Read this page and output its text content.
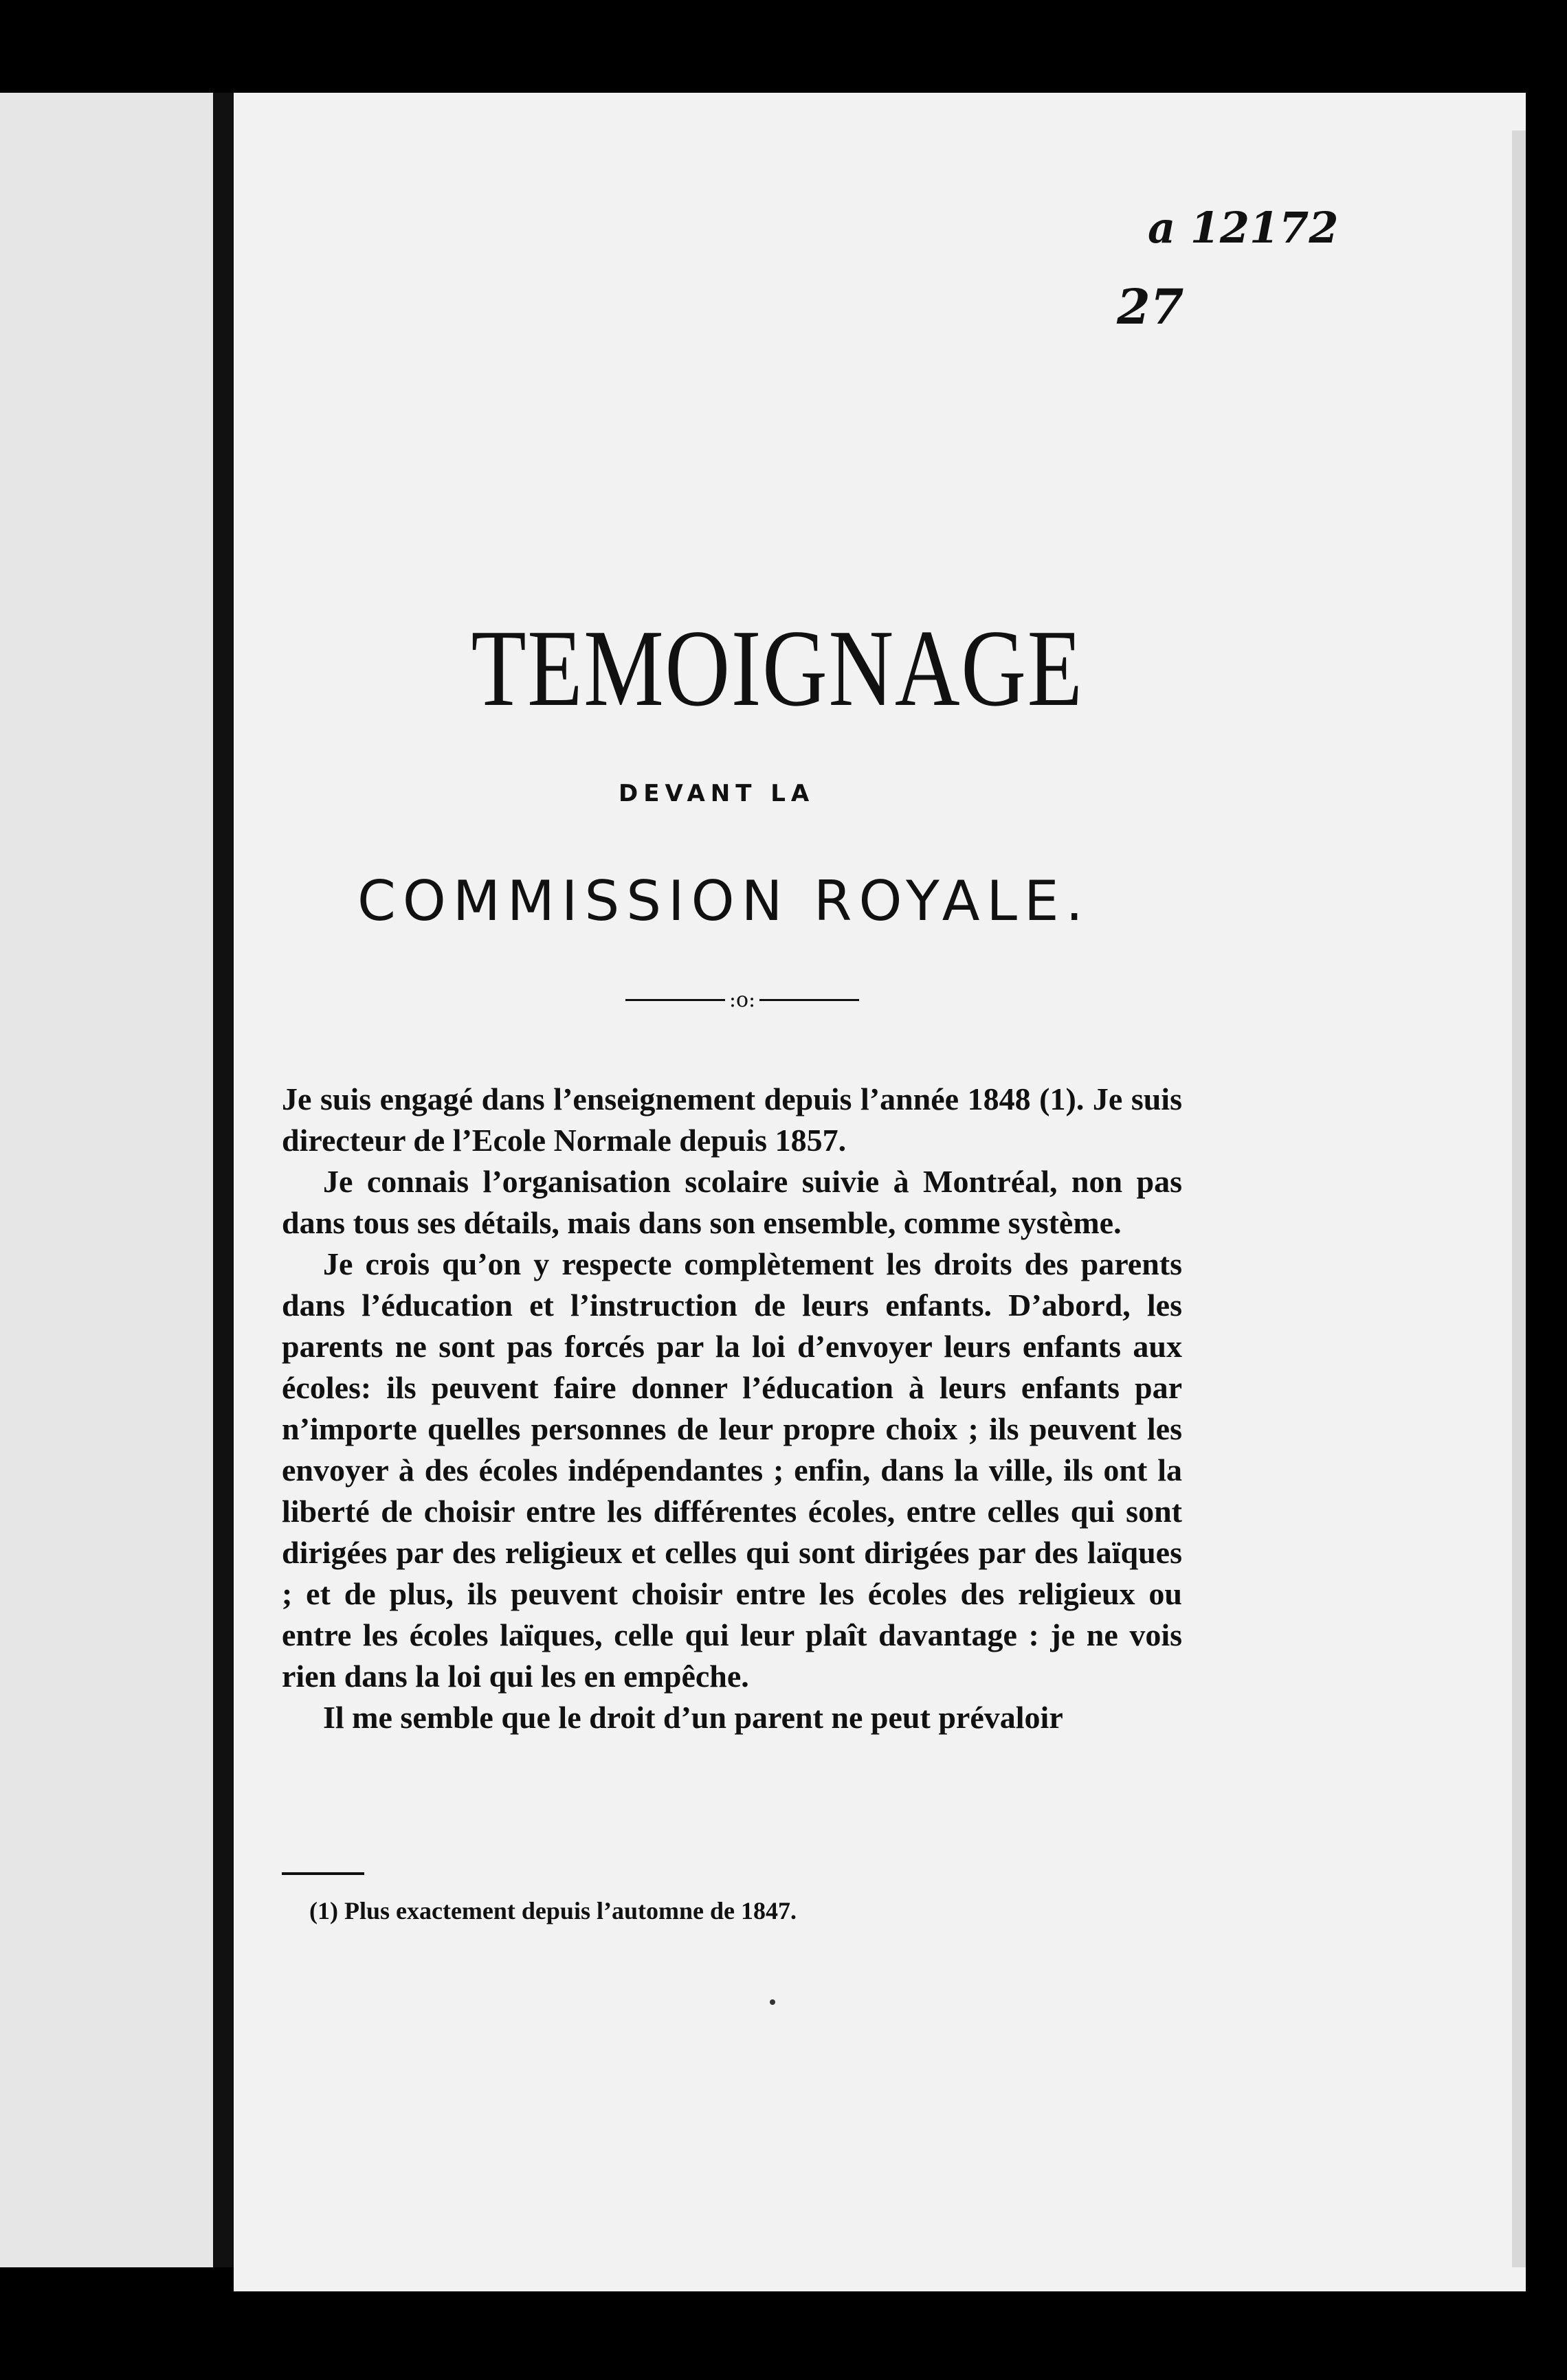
a 12172
27
TEMOIGNAGE
DEVANT LA
COMMISSION ROYALE.
:o:

Je suis engagé dans l’enseignement depuis l’année 1848 (1). Je suis directeur de l’Ecole Normale depuis 1857.

Je connais l’organisation scolaire suivie à Montréal, non pas dans tous ses détails, mais dans son ensemble, comme système.

Je crois qu’on y respecte complètement les droits des parents dans l’éducation et l’instruction de leurs enfants. D’abord, les parents ne sont pas forcés par la loi d’envoyer leurs enfants aux écoles: ils peuvent faire donner l’éducation à leurs enfants par n’importe quelles personnes de leur propre choix ; ils peuvent les envoyer à des écoles indépendantes ; enfin, dans la ville, ils ont la liberté de choisir entre les différentes écoles, entre celles qui sont dirigées par des religieux et celles qui sont dirigées par des laïques ; et de plus, ils peuvent choisir entre les écoles des religieux ou entre les écoles laïques, celle qui leur plaît davantage : je ne vois rien dans la loi qui les en empêche.

Il me semble que le droit d’un parent ne peut prévaloir

(1) Plus exactement depuis l’automne de 1847.
